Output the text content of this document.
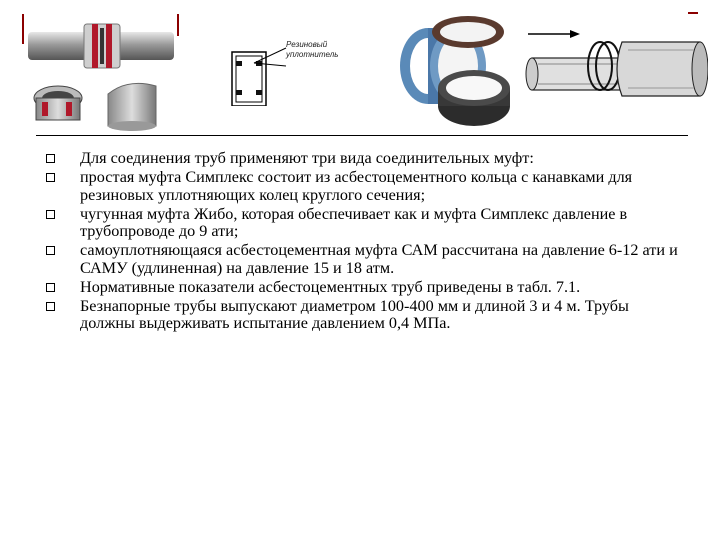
Резиновый уплотнитель
Для соединения труб применяют три вида соединительных муфт:
простая муфта Симплекс состоит из асбестоцементного кольца с канавками для резиновых уплотняющих колец круглого сечения;
чугунная муфта Жибо, которая обеспечивает как и муфта Симплекс давление в трубопроводе до 9 ати;
самоуплотняющаяся асбестоцементная муфта САМ рассчитана на давление 6-12 ати и САМУ (удлиненная) на давление 15 и 18 атм.
Нормативные показатели асбестоцементных труб приведены в табл. 7.1.
Безнапорные трубы выпускают диаметром 100-400 мм и длиной 3 и 4 м. Трубы должны выдерживать испытание давлением 0,4 МПа.
